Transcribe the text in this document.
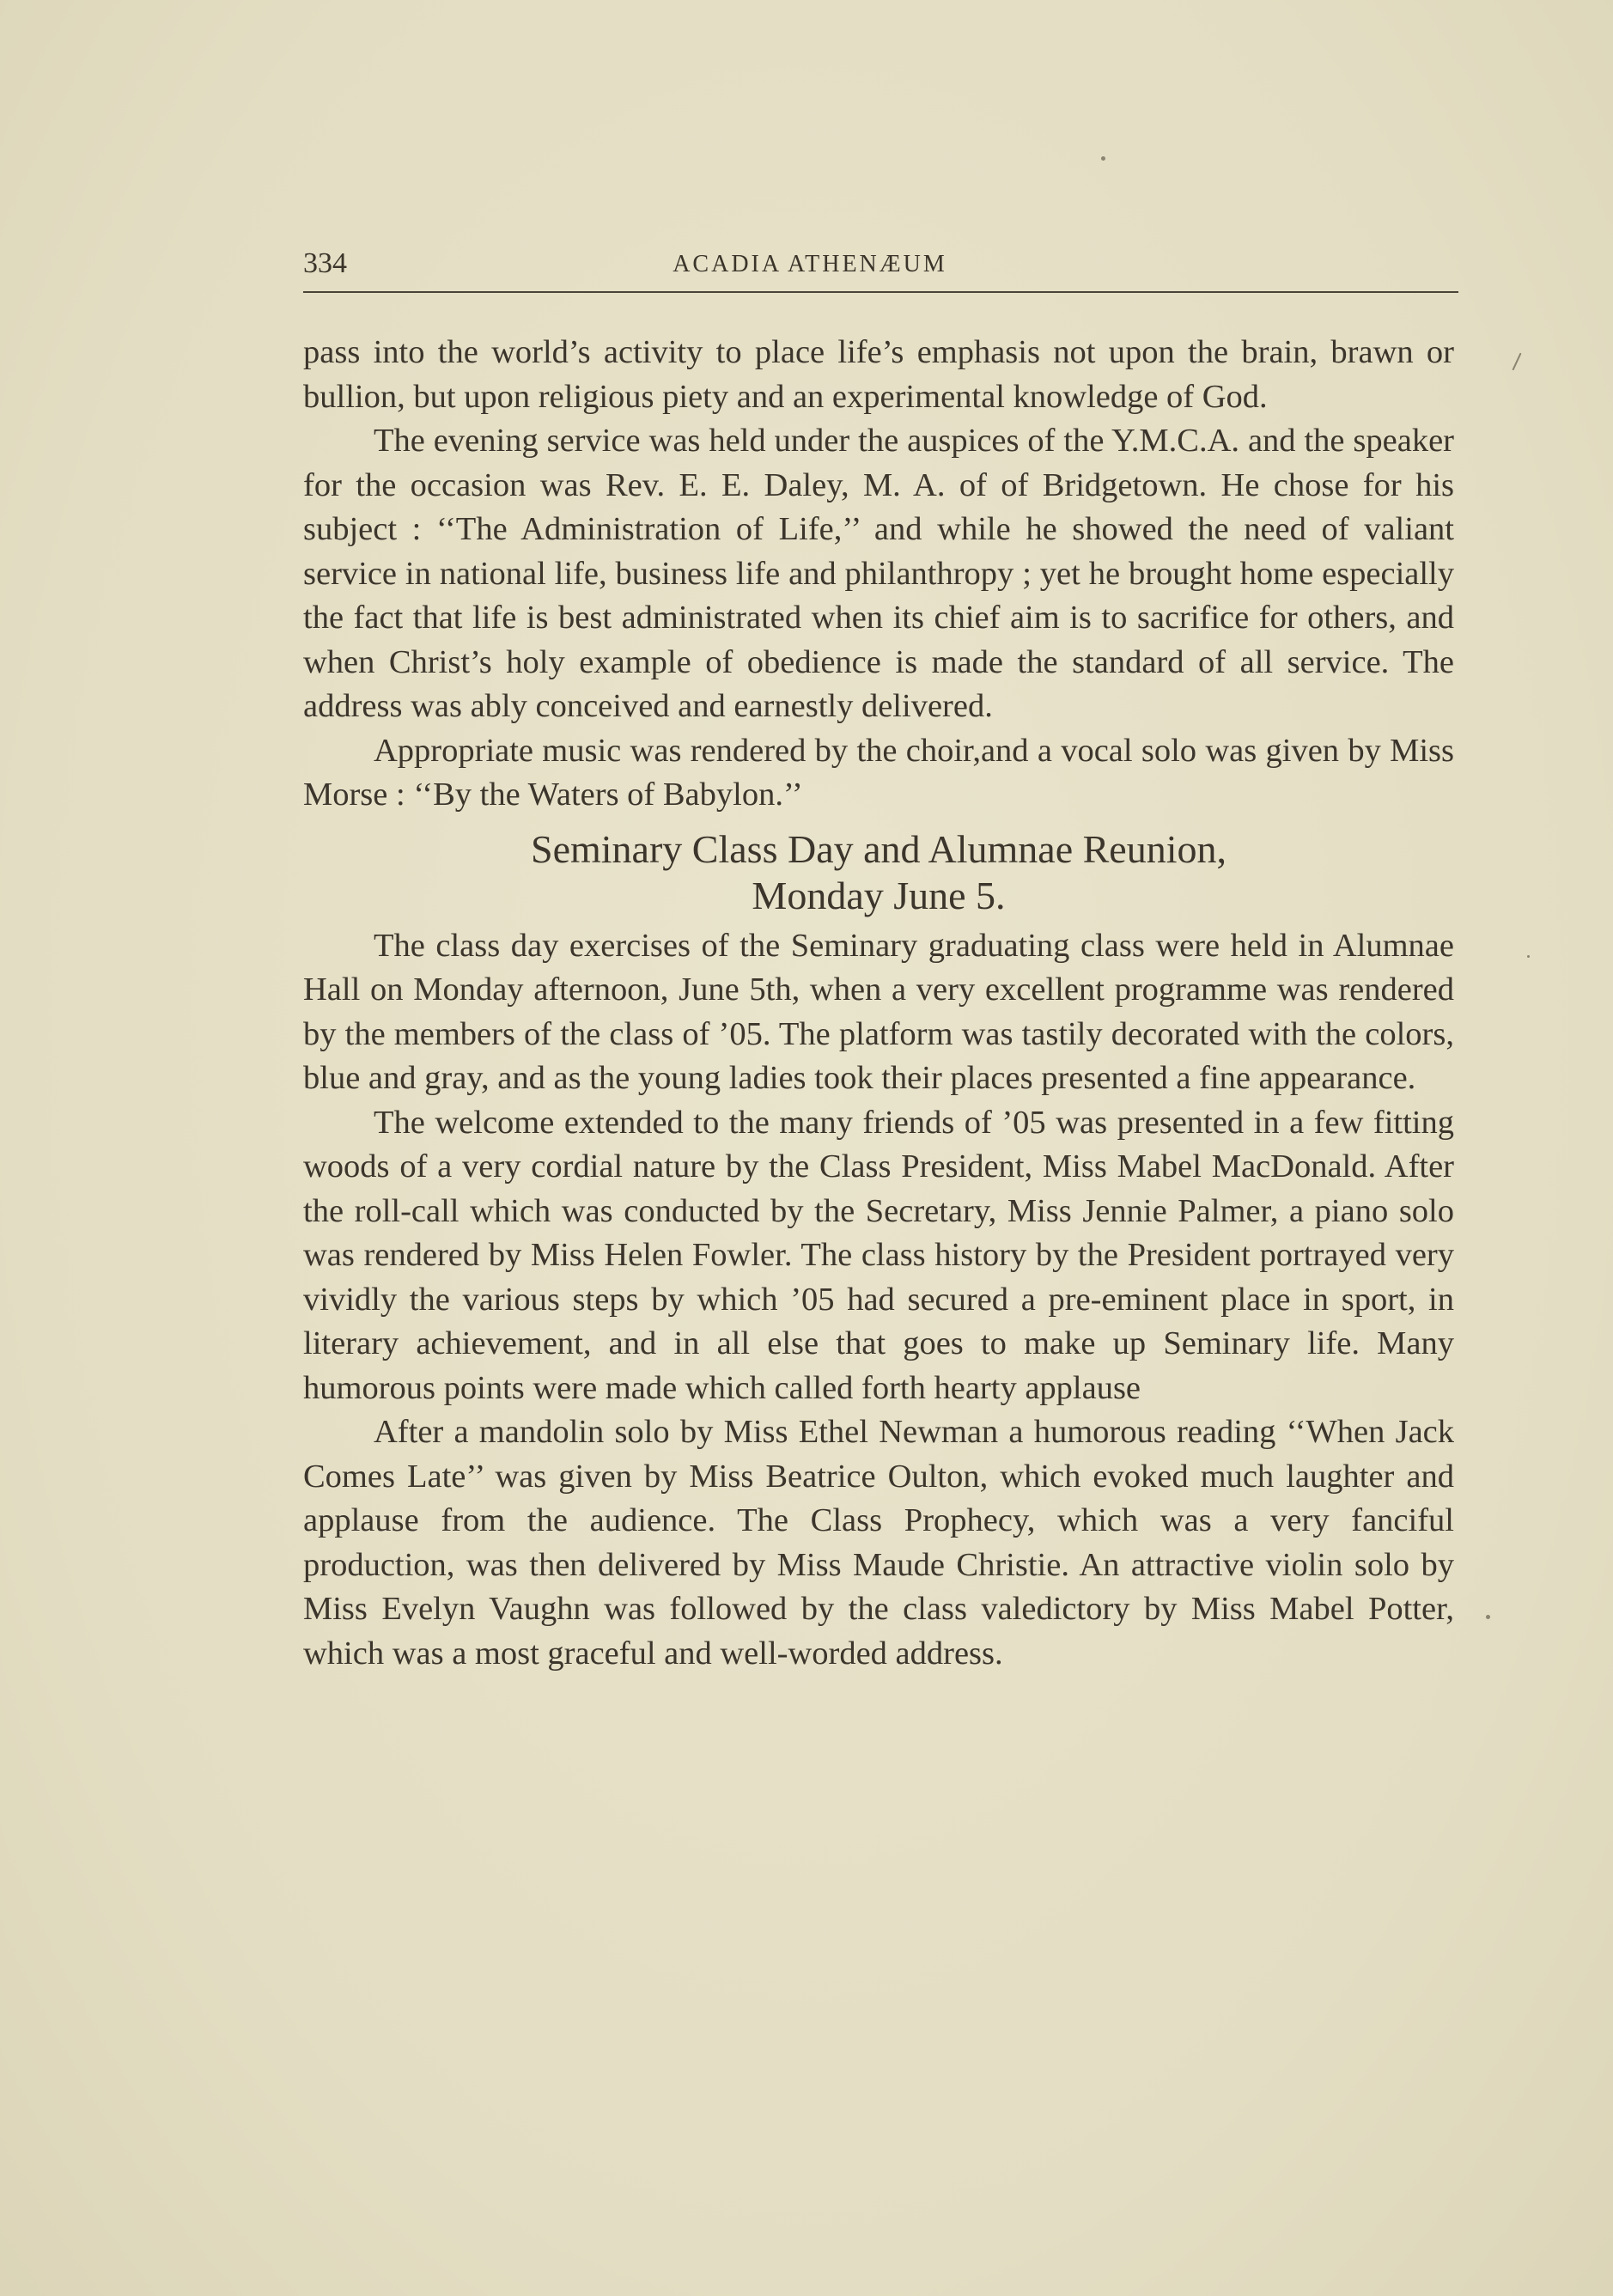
334	ACADIA ATHENÆUM

pass into the world’s activity to place life’s emphasis not upon the brain, brawn or bullion, but upon religious piety and an experimental knowledge of God.

The evening service was held under the auspices of the Y.M.C.A. and the speaker for the occasion was Rev. E. E. Daley, M. A. of of Bridgetown. He chose for his subject : ‘‘The Administration of Life,’’ and while he showed the need of valiant service in national life, business life and philanthropy ; yet he brought home especially the fact that life is best administrated when its chief aim is to sacrifice for others, and when Christ’s holy example of obedience is made the standard of all service. The address was ably conceived and earnestly delivered.

Appropriate music was rendered by the choir,and a vocal solo was given by Miss Morse : ‘‘By the Waters of Babylon.’’

Seminary Class Day and Alumnae Reunion,
Monday June 5.

The class day exercises of the Seminary graduating class were held in Alumnae Hall on Monday afternoon, June 5th, when a very excellent programme was rendered by the members of the class of ’05. The platform was tastily decorated with the colors, blue and gray, and as the young ladies took their places presented a fine appearance.

The welcome extended to the many friends of ’05 was presented in a few fitting woods of a very cordial nature by the Class President, Miss Mabel MacDonald. After the roll-call which was conducted by the Secretary, Miss Jennie Palmer, a piano solo was rendered by Miss Helen Fowler. The class history by the President portrayed very vividly the various steps by which ’05 had secured a pre-eminent place in sport, in literary achievement, and in all else that goes to make up Seminary life. Many humorous points were made which called forth hearty applause

After a mandolin solo by Miss Ethel Newman a humorous reading ‘‘When Jack Comes Late’’ was given by Miss Beatrice Oulton, which evoked much laughter and applause from the audience. The Class Prophecy, which was a very fanciful production, was then delivered by Miss Maude Christie. An attractive violin solo by Miss Evelyn Vaughn was followed by the class valedictory by Miss Mabel Potter, which was a most graceful and well-worded address.
